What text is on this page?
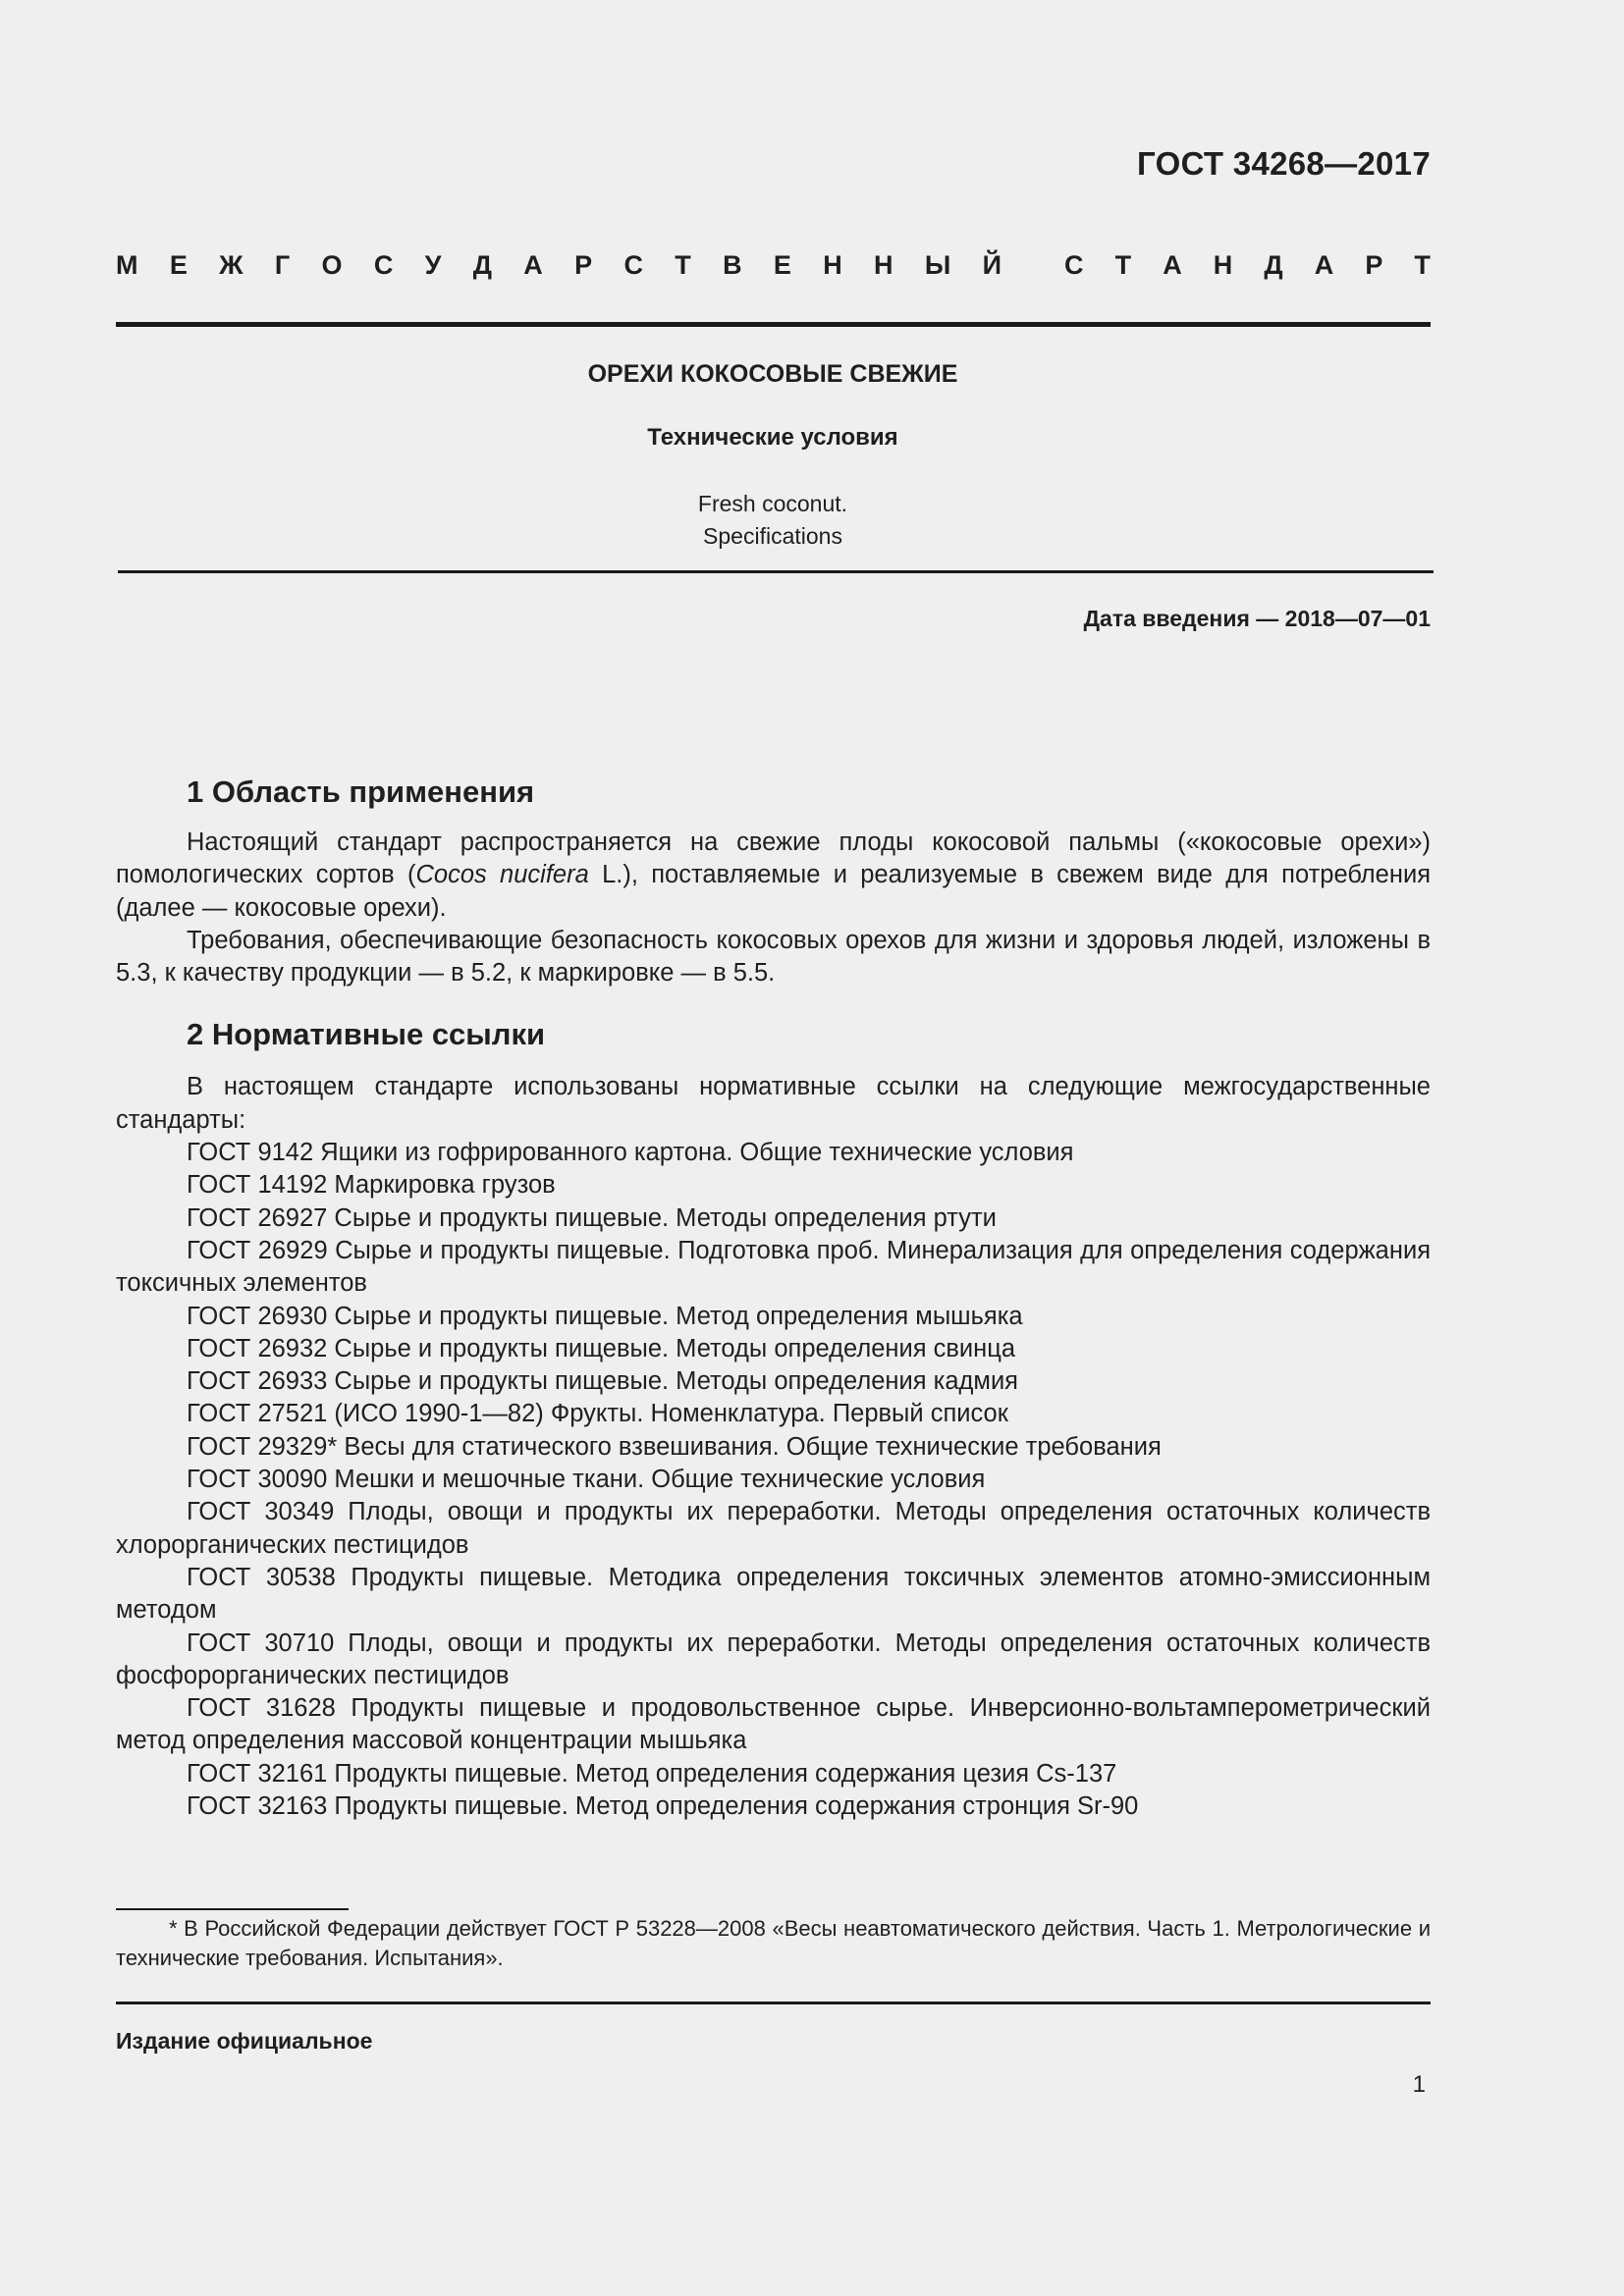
ГОСТ 34268—2017
М Е Ж Г О С У Д А Р С Т В Е Н Н Ы Й С Т А Н Д А Р Т
ОРЕХИ КОКОСОВЫЕ СВЕЖИЕ
Технические условия
Fresh coconut.
Specifications
Дата введения — 2018—07—01
1 Область применения

Настоящий стандарт распространяется на свежие плоды кокосовой пальмы («кокосовые орехи») помологических сортов (Cocos nucifera L.), поставляемые и реализуемые в свежем виде для потребления (далее — кокосовые орехи).

Требования, обеспечивающие безопасность кокосовых орехов для жизни и здоровья людей, изложены в 5.3, к качеству продукции — в 5.2, к маркировке — в 5.5.

2 Нормативные ссылки

В настоящем стандарте использованы нормативные ссылки на следующие межгосударственные стандарты:

ГОСТ 9142 Ящики из гофрированного картона. Общие технические условия

ГОСТ 14192 Маркировка грузов

ГОСТ 26927 Сырье и продукты пищевые. Методы определения ртути

ГОСТ 26929 Сырье и продукты пищевые. Подготовка проб. Минерализация для определения содержания токсичных элементов

ГОСТ 26930 Сырье и продукты пищевые. Метод определения мышьяка

ГОСТ 26932 Сырье и продукты пищевые. Методы определения свинца

ГОСТ 26933 Сырье и продукты пищевые. Методы определения кадмия

ГОСТ 27521 (ИСО 1990-1—82) Фрукты. Номенклатура. Первый список

ГОСТ 29329* Весы для статического взвешивания. Общие технические требования

ГОСТ 30090 Мешки и мешочные ткани. Общие технические условия

ГОСТ 30349 Плоды, овощи и продукты их переработки. Методы определения остаточных количеств хлорорганических пестицидов

ГОСТ 30538 Продукты пищевые. Методика определения токсичных элементов атомно-эмиссионным методом

ГОСТ 30710 Плоды, овощи и продукты их переработки. Методы определения остаточных количеств фосфорорганических пестицидов

ГОСТ 31628 Продукты пищевые и продовольственное сырье. Инверсионно-вольтамперометрический метод определения массовой концентрации мышьяка

ГОСТ 32161 Продукты пищевые. Метод определения содержания цезия Cs-137

ГОСТ 32163 Продукты пищевые. Метод определения содержания стронция Sr-90

* В Российской Федерации действует ГОСТ Р 53228—2008 «Весы неавтоматического действия. Часть 1. Метрологические и технические требования. Испытания».
Издание официальное
1
